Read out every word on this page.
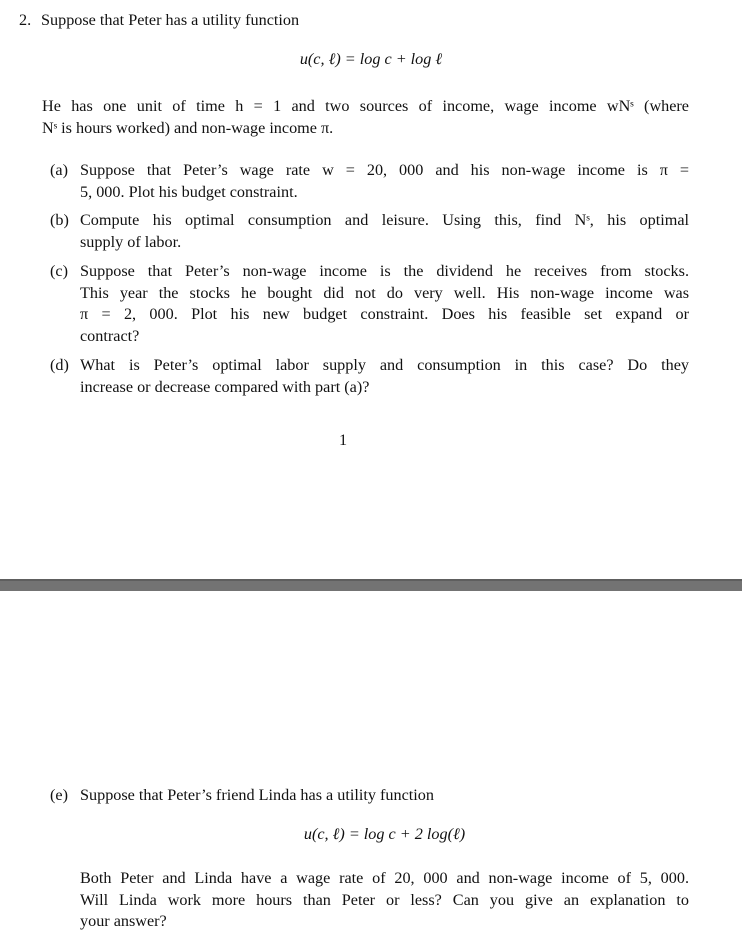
2. Suppose that Peter has a utility function
u(c, ℓ) = log c + log ℓ
He has one unit of time h = 1 and two sources of income, wage income wNˢ (where
Nˢ is hours worked) and non-wage income π.
(a) Suppose that Peter’s wage rate w = 20, 000 and his non-wage income is π =
5, 000. Plot his budget constraint.
(b) Compute his optimal consumption and leisure. Using this, find Nˢ, his optimal
supply of labor.
(c) Suppose that Peter’s non-wage income is the dividend he receives from stocks.
This year the stocks he bought did not do very well. His non-wage income was
π = 2, 000. Plot his new budget constraint. Does his feasible set expand or
contract?
(d) What is Peter’s optimal labor supply and consumption in this case? Do they
increase or decrease compared with part (a)?
1
(e) Suppose that Peter’s friend Linda has a utility function
u(c, ℓ) = log c + 2 log(ℓ)
Both Peter and Linda have a wage rate of 20, 000 and non-wage income of 5, 000.
Will Linda work more hours than Peter or less? Can you give an explanation to
your answer?
